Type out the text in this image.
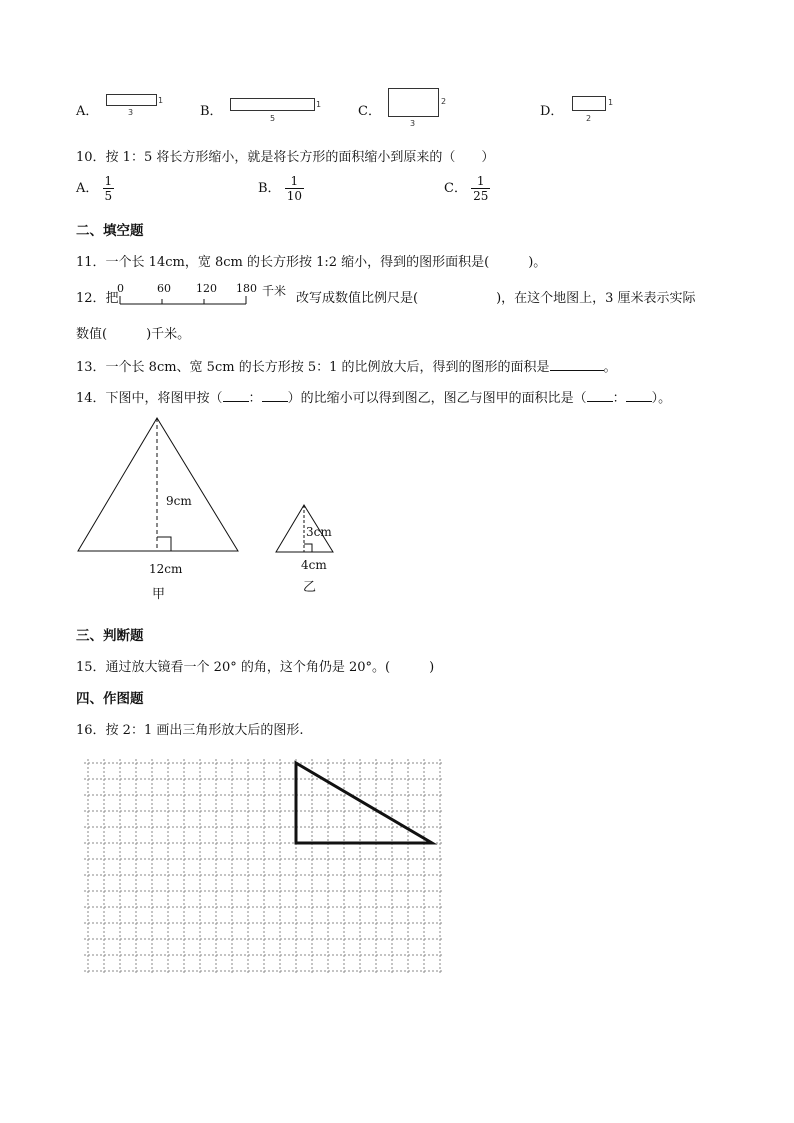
A．
1
3	B．	1
5	C．
2
3
D．
1
2
10．按 1：5 将长方形缩小，就是将长方形的面积缩小到原来的（　　）
A． $\frac{1}{5}$	B． $\frac{1}{10}$	C． $\frac{1}{25}$
二、填空题
11．一个长 14cm，宽 8cm 的长方形按 1:2 缩小，得到的图形面积是(　　　)。
12．把
0	60 120 180 千米 改写成数值比例尺是(　　　　　　)，在这个地图上，3 厘米表示实际
数值(　　　)千米。
13．一个长 8cm、宽 5cm 的长方形按 5：1 的比例放大后，得到的图形的面积是	。
14．下图中，将图甲按（ ： ）的比缩小可以得到图乙，图乙与图甲的面积比是（ ： ）。
9cm
12cm
甲
3cm
4cm
乙
三、判断题
15．通过放大镜看一个 20° 的角，这个角仍是 20°。(　　　)
四、作图题
16．按 2：1 画出三角形放大后的图形.
